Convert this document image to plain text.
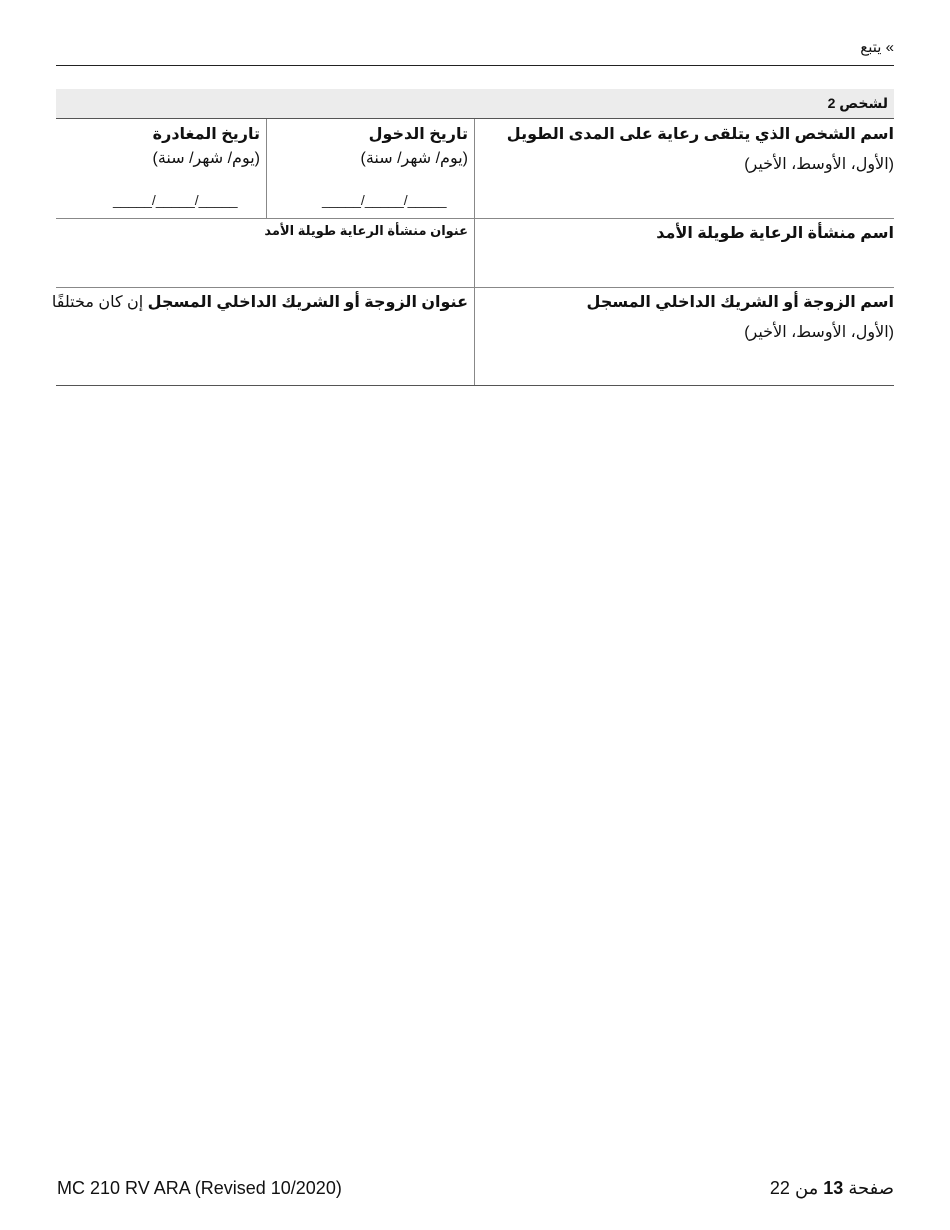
» يتبع
لشخص 2
اسم الشخص الذي يتلقى رعاية على المدى الطويل
(الأول، الأوسط، الأخير)
تاريخ الدخول
(يوم/ شهر/ سنة)
_____/_____/_____
تاريخ المغادرة
(يوم/ شهر/ سنة)
_____/_____/_____
اسم منشأة الرعاية طويلة الأمد
عنوان منشأة الرعاية طويلة الأمد
اسم الزوجة أو الشريك الداخلي المسجل
(الأول، الأوسط، الأخير)
عنوان الزوجة أو الشريك الداخلي المسجل إن كان مختلفًا
MC 210 RV ARA (Revised 10/2020)	صفحة 13 من 22
